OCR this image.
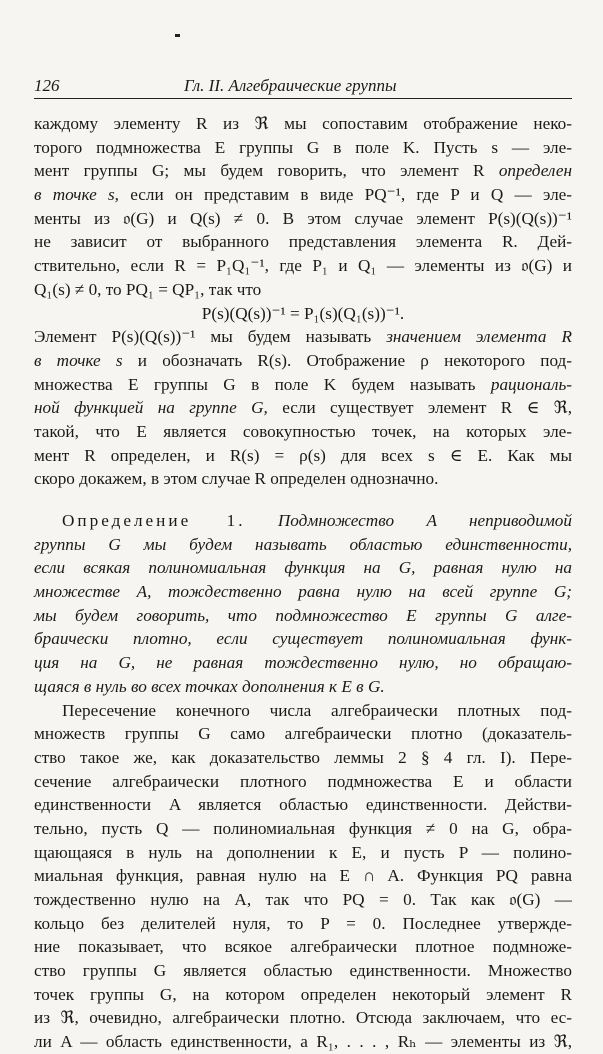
126	Гл. II. Алгебраические группы
каждому элементу R из ℜ мы сопоставим отображение неко-
торого подмножества E группы G в поле K. Пусть s — эле-
мент группы G; мы будем говорить, что элемент R определен
в точке s, если он представим в виде PQ⁻¹, где P и Q — эле-
менты из 𝔬(G) и Q(s) ≠ 0. В этом случае элемент P(s)(Q(s))⁻¹
не зависит от выбранного представления элемента R. Дей-
ствительно, если R = P₁Q₁⁻¹, где P₁ и Q₁ — элементы из 𝔬(G) и
Q₁(s) ≠ 0, то PQ₁ = QP₁, так что
P(s)(Q(s))⁻¹ = P₁(s)(Q₁(s))⁻¹.
Элемент P(s)(Q(s))⁻¹ мы будем называть значением элемента R
в точке s и обозначать R(s). Отображение ρ некоторого под-
множества E группы G в поле K будем называть рациональ-
ной функцией на группе G, если существует элемент R ∈ ℜ,
такой, что E является совокупностью точек, на которых эле-
мент R определен, и R(s) = ρ(s) для всех s ∈ E. Как мы
скоро докажем, в этом случае R определен однозначно.
Определение 1. Подмножество A неприводимой
группы G мы будем называть областью единственности,
если всякая полиномиальная функция на G, равная нулю на
множестве A, тождественно равна нулю на всей группе G;
мы будем говорить, что подмножество E группы G алге-
браически плотно, если существует полиномиальная функ-
ция на G, не равная тождественно нулю, но обращаю-
щаяся в нуль во всех точках дополнения к E в G.
Пересечение конечного числа алгебраически плотных под-
множеств группы G само алгебраически плотно (доказатель-
ство такое же, как доказательство леммы 2 § 4 гл. I). Пере-
сечение алгебраически плотного подмножества E и области
единственности A является областью единственности. Действи-
тельно, пусть Q — полиномиальная функция ≠ 0 на G, обра-
щающаяся в нуль на дополнении к E, и пусть P — полино-
миальная функция, равная нулю на E ∩ A. Функция PQ равна
тождественно нулю на A, так что PQ = 0. Так как 𝔬(G) —
кольцо без делителей нуля, то P = 0. Последнее утвержде-
ние показывает, что всякое алгебраически плотное подмноже-
ство группы G является областью единственности. Множество
точек группы G, на котором определен некоторый элемент R
из ℜ, очевидно, алгебраически плотно. Отсюда заключаем, что ес-
ли A — область единственности, а R₁, . . . , Rₕ — элементы из ℜ,
